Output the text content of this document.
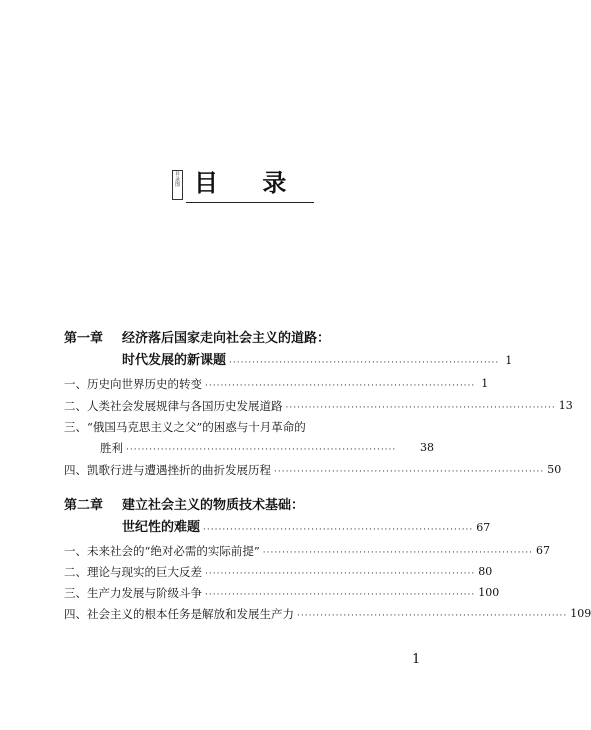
目录图 目 录
第一章 经济落后国家走向社会主义的道路：
时代发展的新课题 ······································································ 1
一、历史向世界历史的转变 ······································································ 1
二、人类社会发展规律与各国历史发展道路 ······································································ 13
三、“俄国马克思主义之父”的困惑与十月革命的
胜利 ······································································	38
四、凯歌行进与遭遇挫折的曲折发展历程 ······································································ 50
第二章 建立社会主义的物质技术基础：
世纪性的难题 ······································································ 67
一、未来社会的“绝对必需的实际前提” ······································································ 67
二、理论与现实的巨大反差 ······································································ 80
三、生产力发展与阶级斗争 ······································································ 100
四、社会主义的根本任务是解放和发展生产力 ······································································ 109
1
